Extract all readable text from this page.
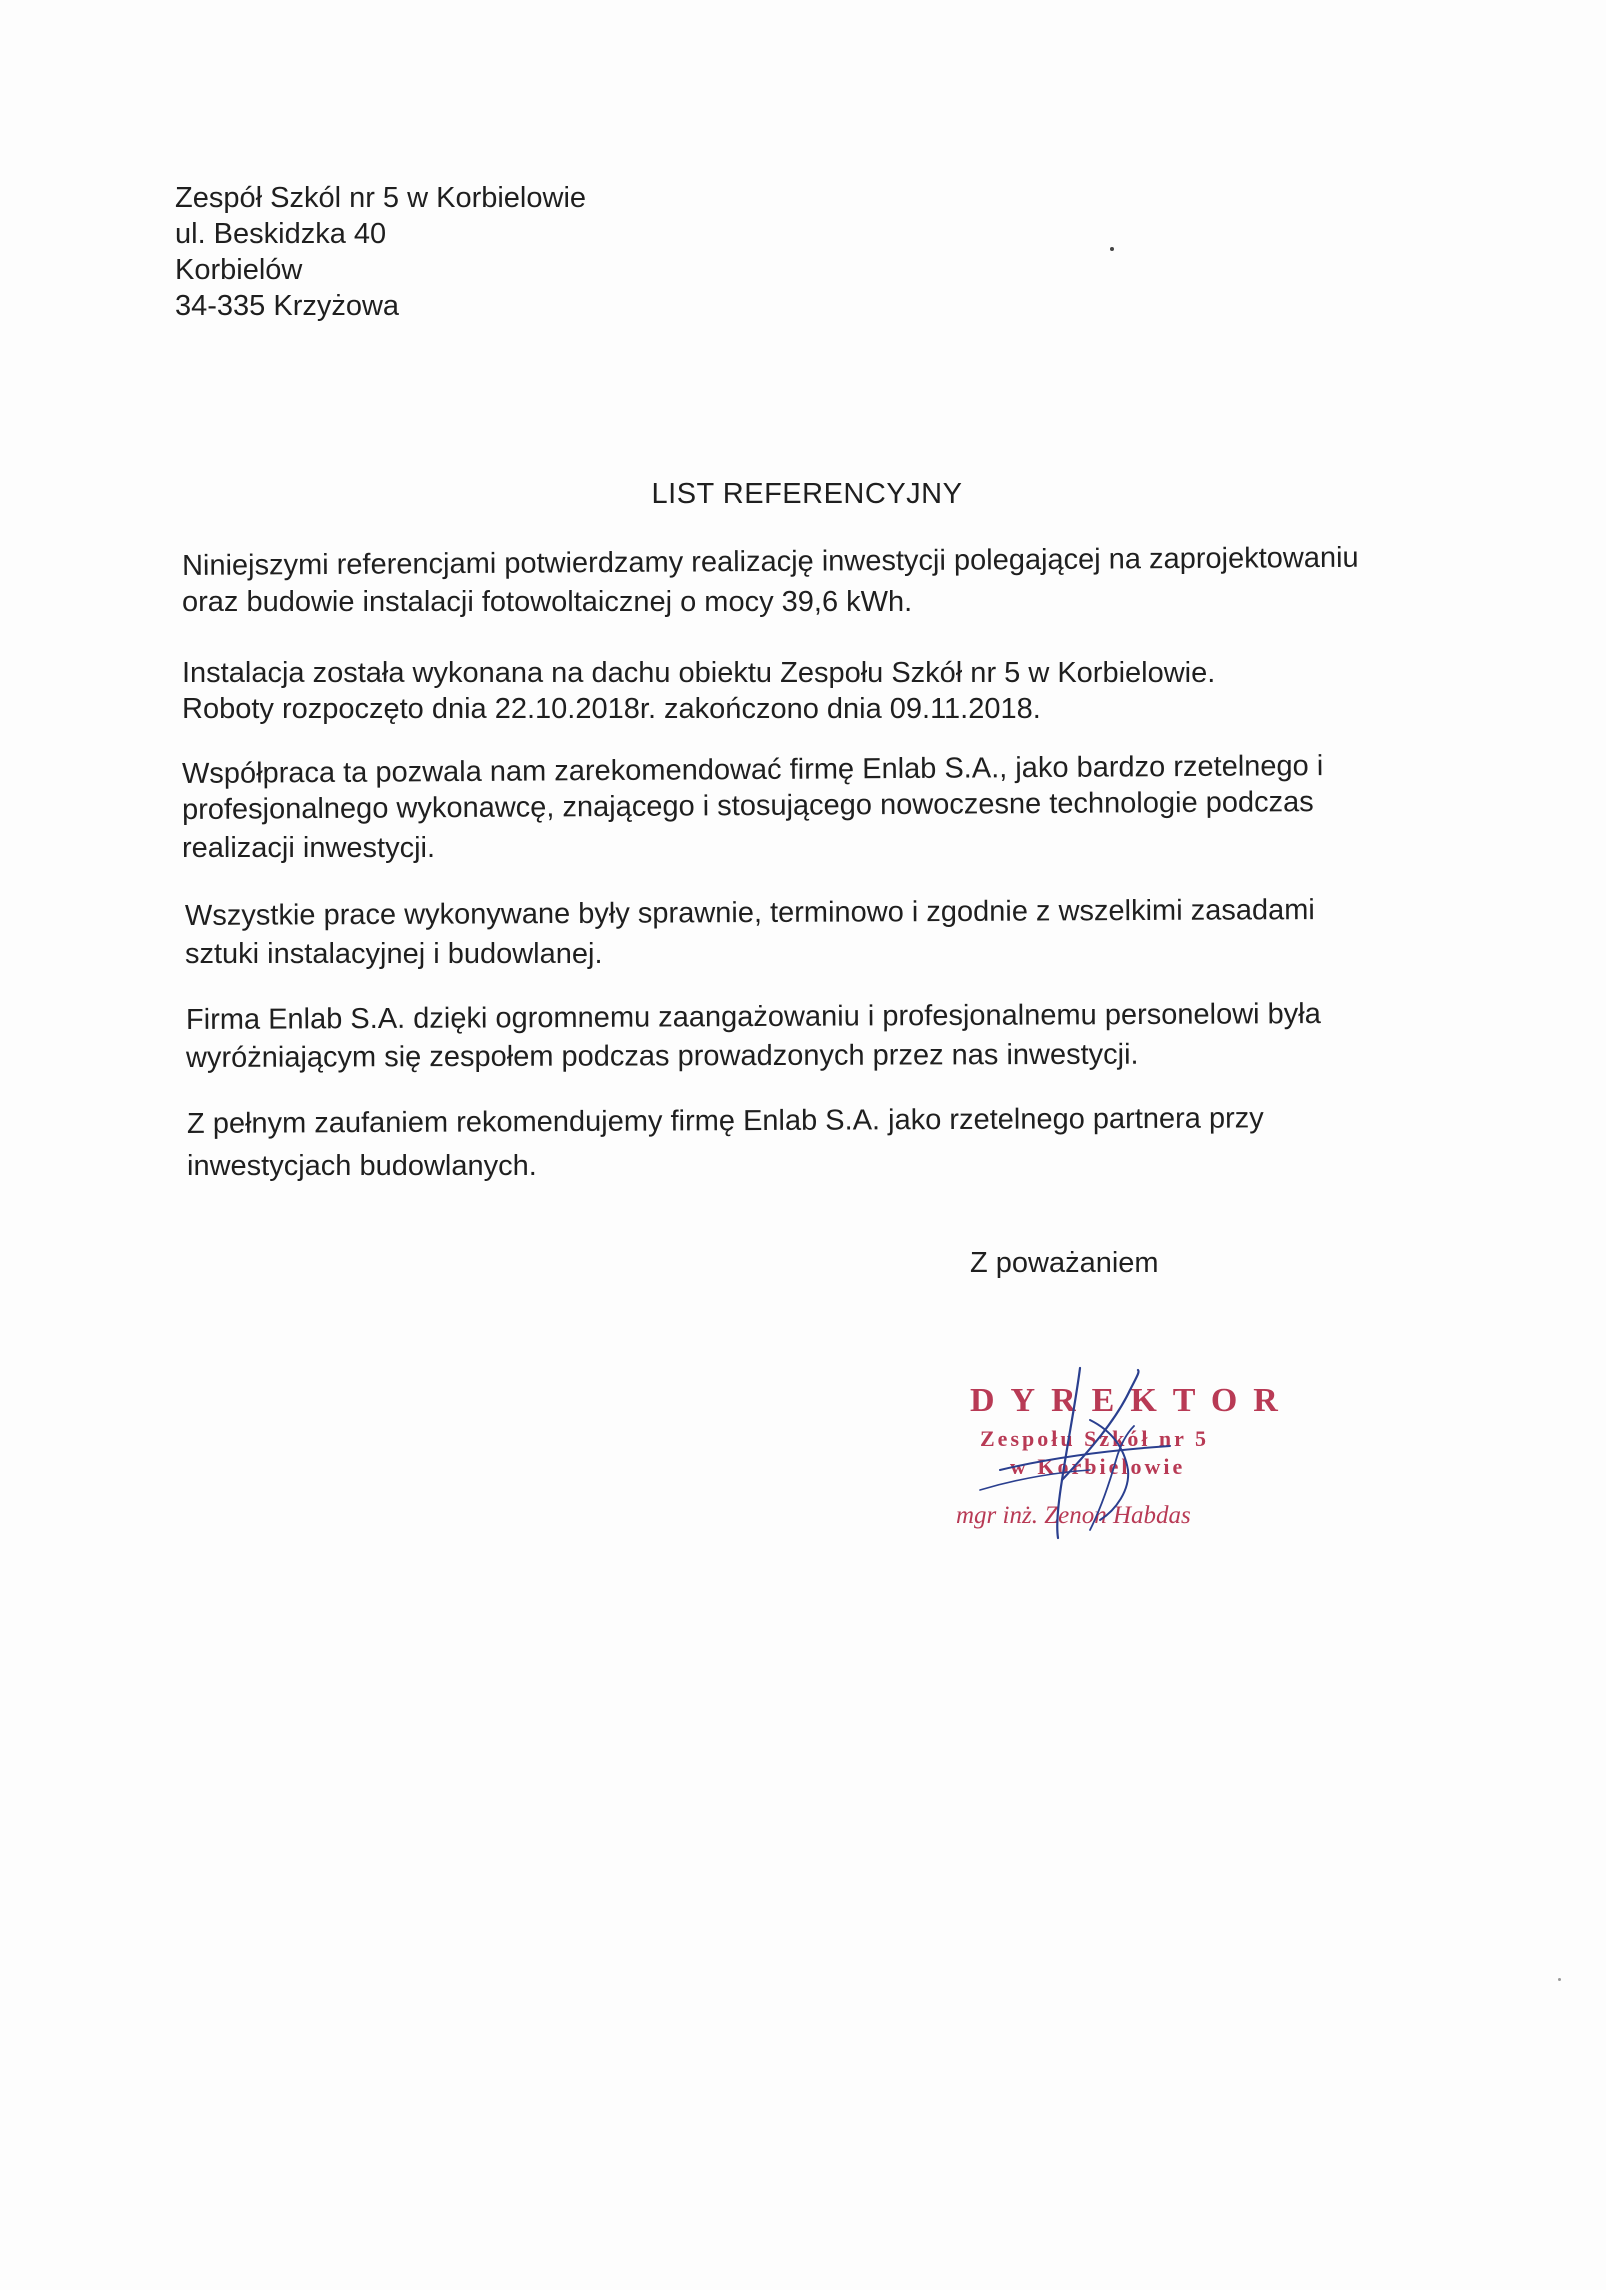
Zespół Szkól nr 5 w Korbielowie
ul. Beskidzka 40
Korbielów
34-335 Krzyżowa
LIST REFERENCYJNY
Niniejszymi referencjami potwierdzamy realizację inwestycji polegającej na zaprojektowaniu
oraz budowie instalacji fotowoltaicznej o mocy 39,6 kWh.
Instalacja została wykonana na dachu obiektu Zespołu Szkół nr 5 w Korbielowie.
Roboty rozpoczęto dnia 22.10.2018r. zakończono dnia 09.11.2018.
Współpraca ta pozwala nam zarekomendować firmę Enlab S.A., jako bardzo rzetelnego i
profesjonalnego wykonawcę, znającego i stosującego nowoczesne technologie podczas
realizacji inwestycji.
Wszystkie prace wykonywane były sprawnie, terminowo i zgodnie z wszelkimi zasadami
sztuki instalacyjnej i budowlanej.
Firma Enlab S.A. dzięki ogromnemu zaangażowaniu i profesjonalnemu personelowi była
wyróżniającym się zespołem podczas prowadzonych przez nas inwestycji.
Z pełnym zaufaniem rekomendujemy firmę Enlab S.A. jako rzetelnego partnera przy
inwestycjach budowlanych.
Z poważaniem
DYREKTOR
Zespołu Szkół nr 5
w Korbielowie
mgr inż. Zenon Habdas
